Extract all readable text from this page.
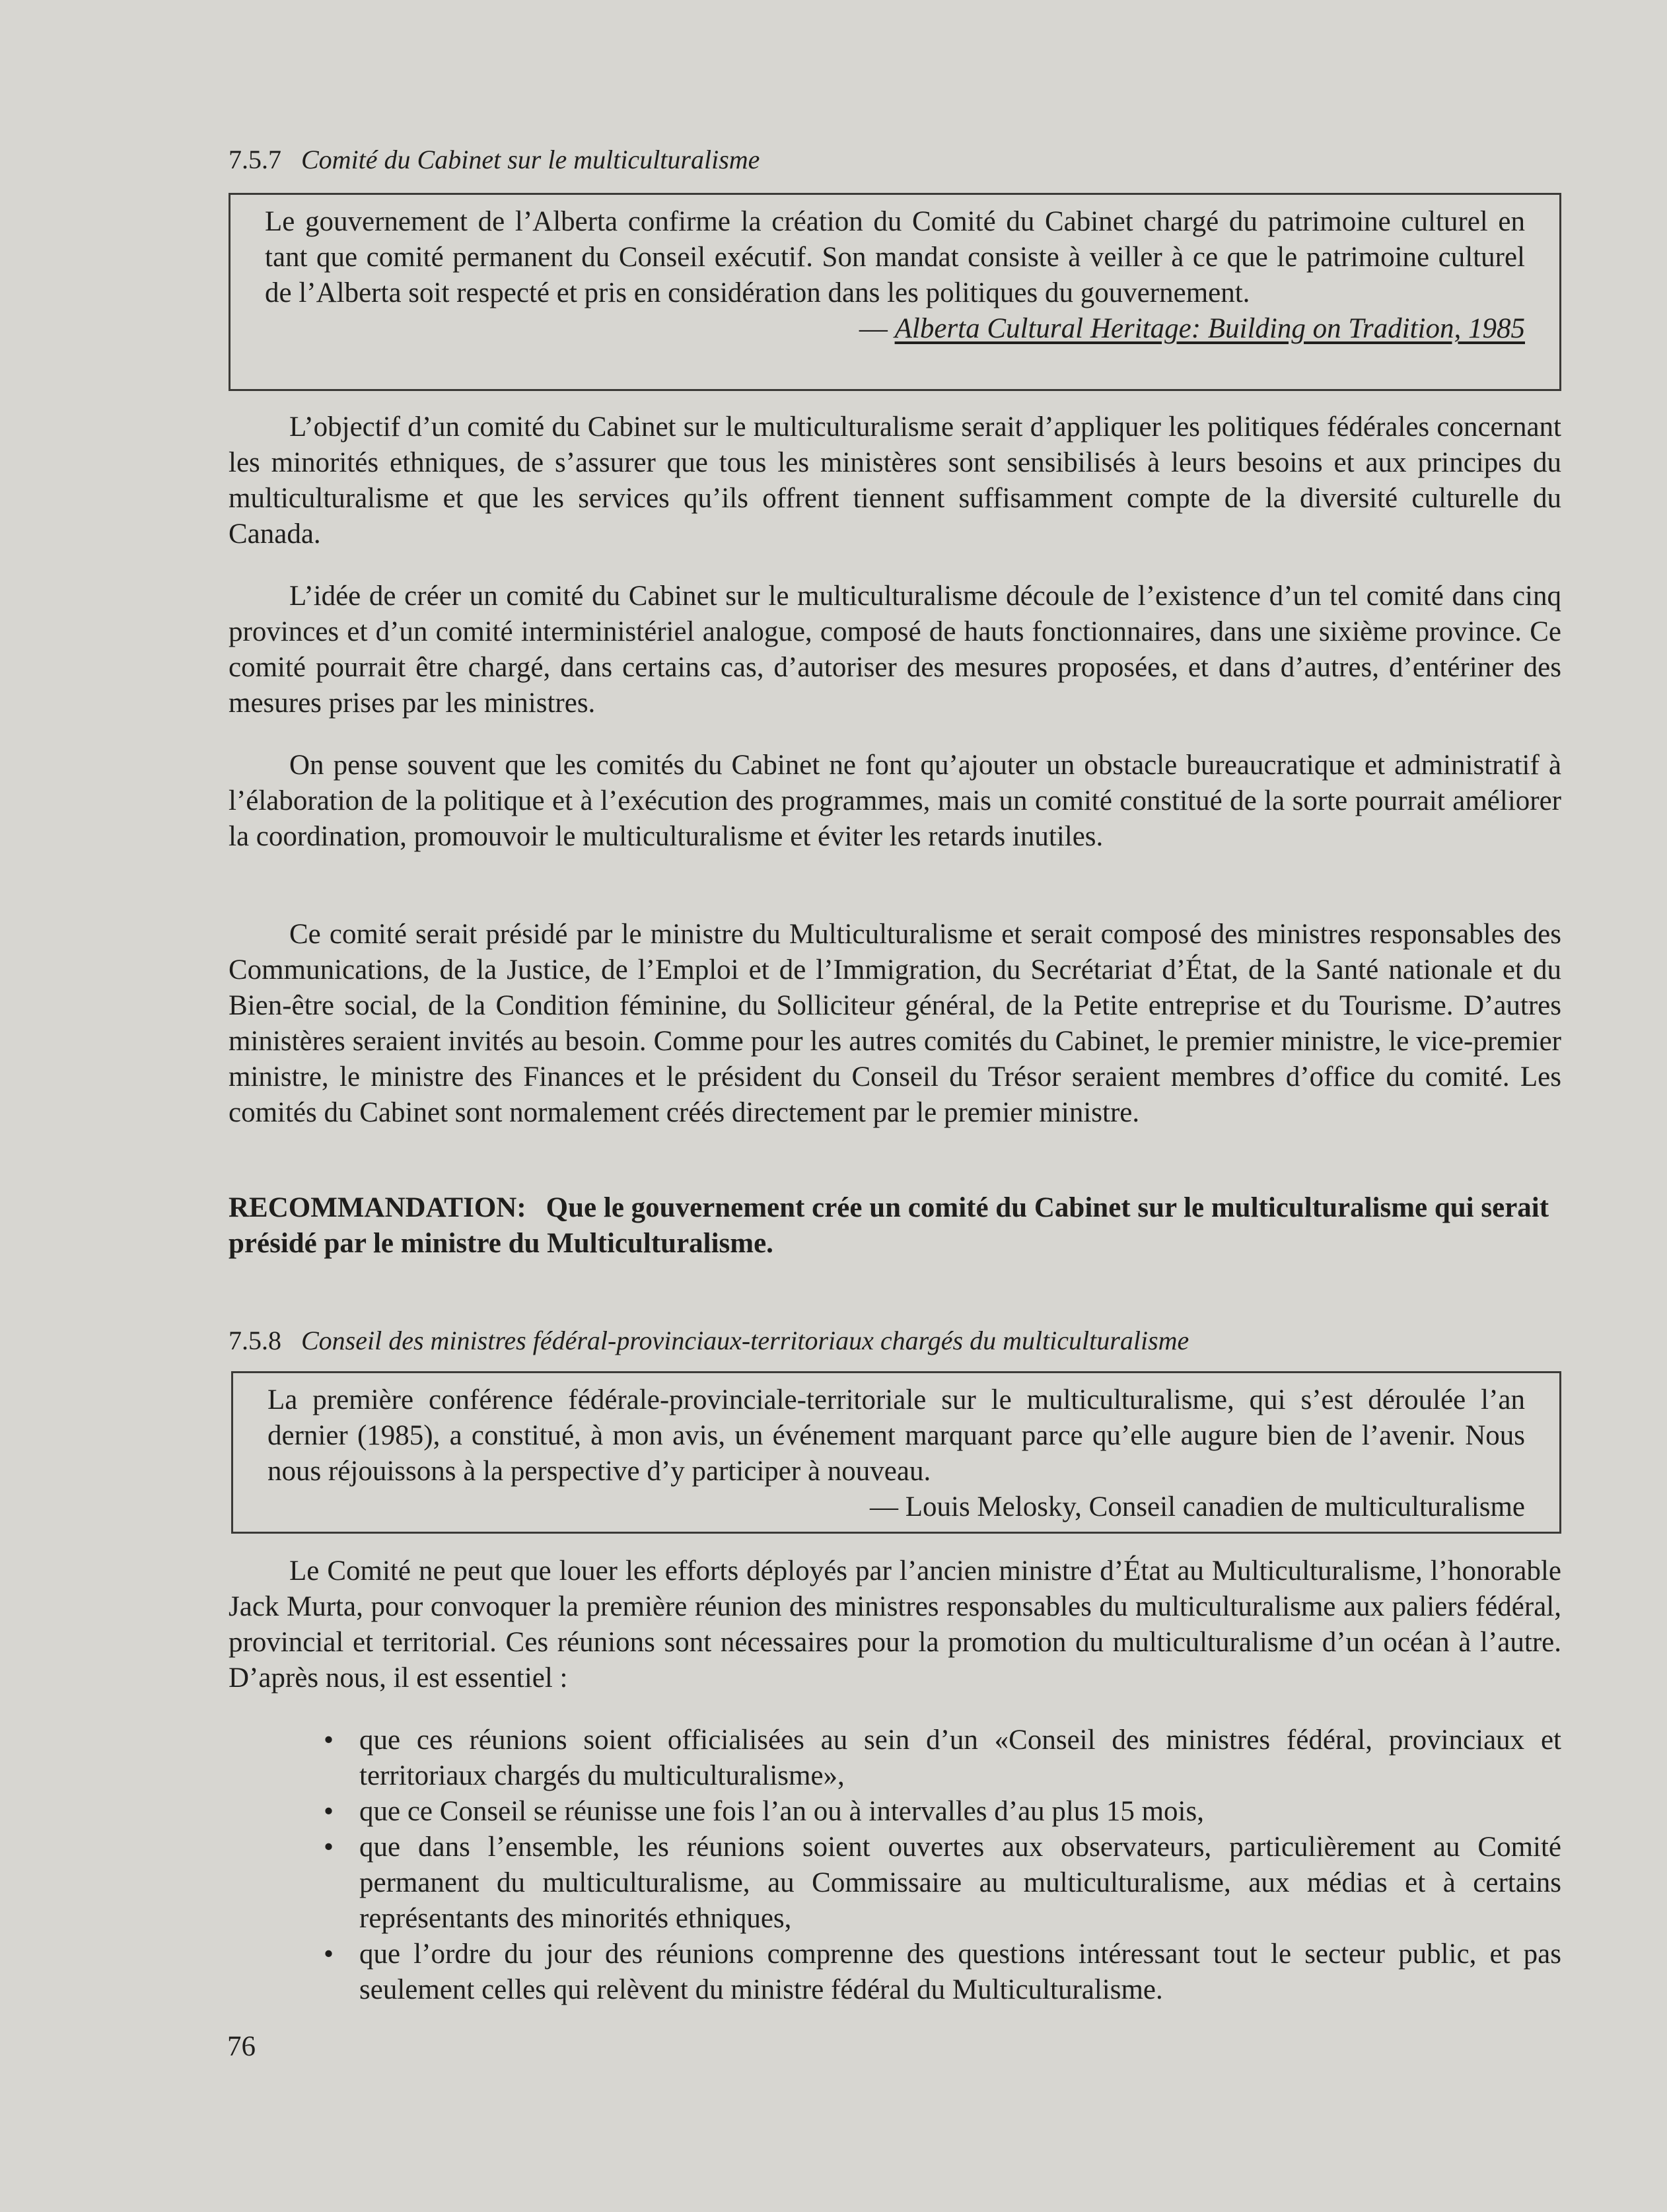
7.5.7 Comité du Cabinet sur le multiculturalisme
Le gouvernement de l’Alberta confirme la création du Comité du Cabinet chargé du patrimoine culturel en tant que comité permanent du Conseil exécutif. Son mandat consiste à veiller à ce que le patrimoine culturel de l’Alberta soit respecté et pris en considération dans les politiques du gouvernement.
— Alberta Cultural Heritage: Building on Tradition, 1985

L’objectif d’un comité du Cabinet sur le multiculturalisme serait d’appliquer les politiques fédérales concernant les minorités ethniques, de s’assurer que tous les ministères sont sensibilisés à leurs besoins et aux principes du multiculturalisme et que les services qu’ils offrent tiennent suffisamment compte de la diversité culturelle du Canada.

L’idée de créer un comité du Cabinet sur le multiculturalisme découle de l’existence d’un tel comité dans cinq provinces et d’un comité interministériel analogue, composé de hauts fonctionnaires, dans une sixième province. Ce comité pourrait être chargé, dans certains cas, d’autoriser des mesures proposées, et dans d’autres, d’entériner des mesures prises par les ministres.

On pense souvent que les comités du Cabinet ne font qu’ajouter un obstacle bureaucratique et administratif à l’élaboration de la politique et à l’exécution des programmes, mais un comité constitué de la sorte pourrait améliorer la coordination, promouvoir le multiculturalisme et éviter les retards inutiles.

Ce comité serait présidé par le ministre du Multiculturalisme et serait composé des ministres responsables des Communications, de la Justice, de l’Emploi et de l’Immigration, du Secrétariat d’État, de la Santé nationale et du Bien-être social, de la Condition féminine, du Solliciteur général, de la Petite entreprise et du Tourisme. D’autres ministères seraient invités au besoin. Comme pour les autres comités du Cabinet, le premier ministre, le vice-premier ministre, le ministre des Finances et le président du Conseil du Trésor seraient membres d’office du comité. Les comités du Cabinet sont normalement créés directement par le premier ministre.

RECOMMANDATION: Que le gouvernement crée un comité du Cabinet sur le multiculturalisme qui serait présidé par le ministre du Multiculturalisme.

7.5.8 Conseil des ministres fédéral-provinciaux-territoriaux chargés du multiculturalisme
La première conférence fédérale-provinciale-territoriale sur le multiculturalisme, qui s’est déroulée l’an dernier (1985), a constitué, à mon avis, un événement marquant parce qu’elle augure bien de l’avenir. Nous nous réjouissons à la perspective d’y participer à nouveau.
— Louis Melosky, Conseil canadien de multiculturalisme

Le Comité ne peut que louer les efforts déployés par l’ancien ministre d’État au Multiculturalisme, l’honorable Jack Murta, pour convoquer la première réunion des ministres responsables du multiculturalisme aux paliers fédéral, provincial et territorial. Ces réunions sont nécessaires pour la promotion du multiculturalisme d’un océan à l’autre. D’après nous, il est essentiel :

• que ces réunions soient officialisées au sein d’un «Conseil des ministres fédéral, provinciaux et territoriaux chargés du multiculturalisme»,
• que ce Conseil se réunisse une fois l’an ou à intervalles d’au plus 15 mois,
• que dans l’ensemble, les réunions soient ouvertes aux observateurs, particulièrement au Comité permanent du multiculturalisme, au Commissaire au multiculturalisme, aux médias et à certains représentants des minorités ethniques,
• que l’ordre du jour des réunions comprenne des questions intéressant tout le secteur public, et pas seulement celles qui relèvent du ministre fédéral du Multiculturalisme.
76
